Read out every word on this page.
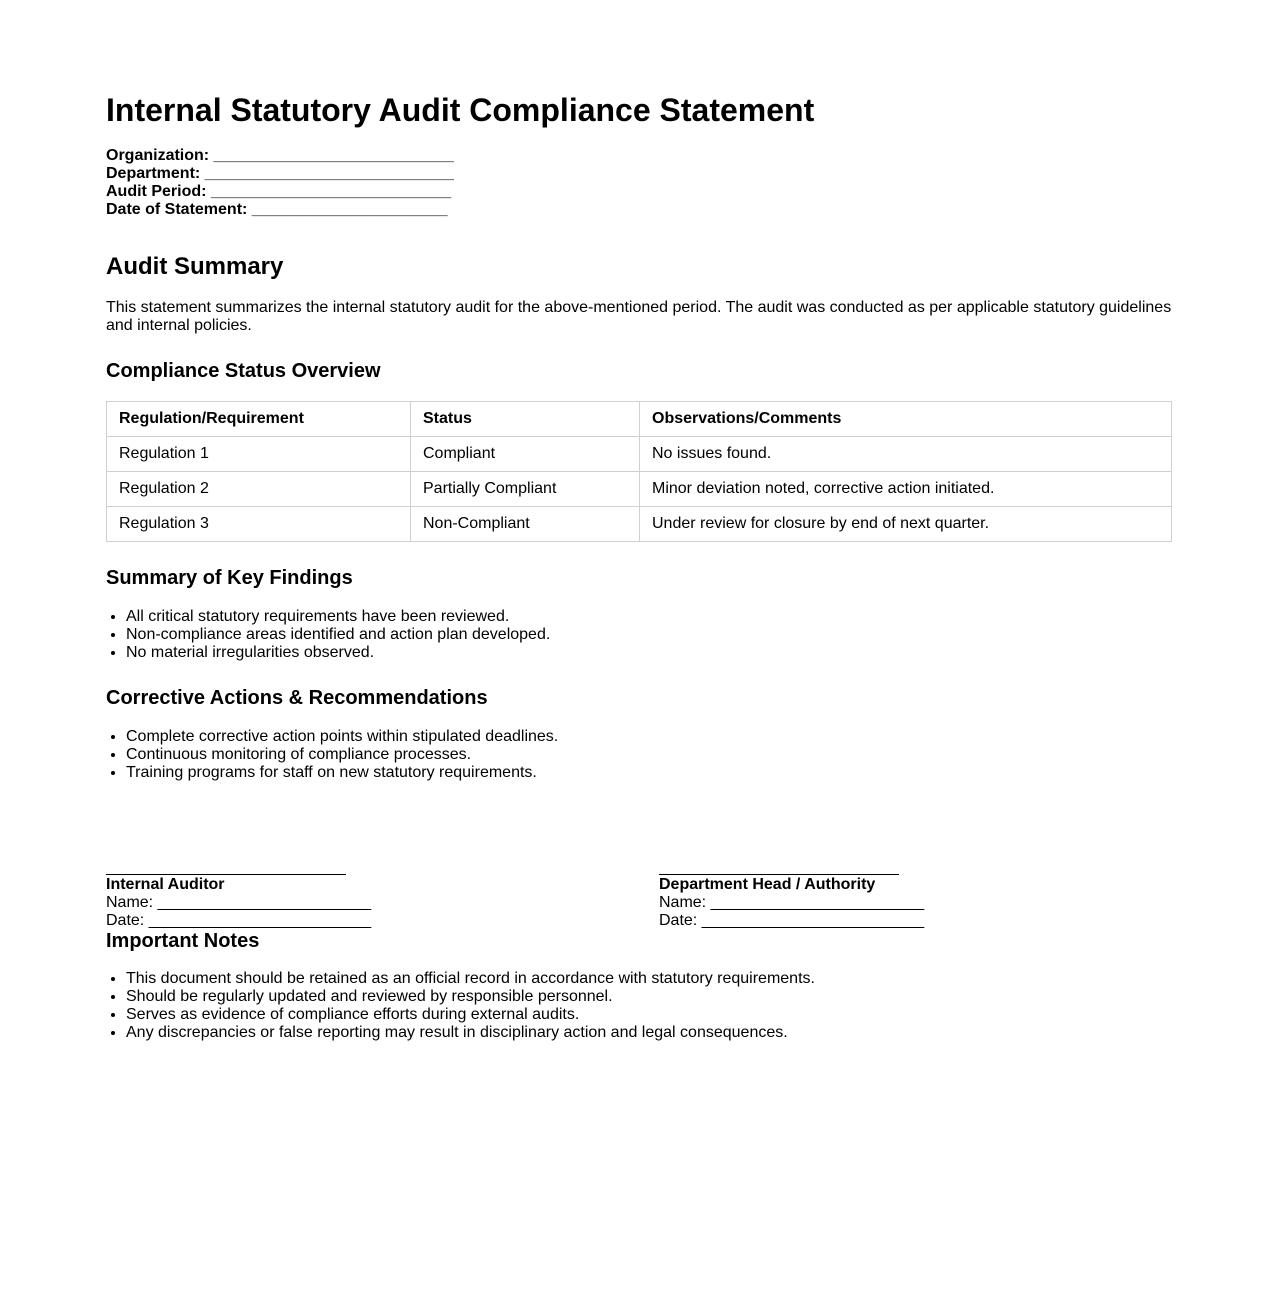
Internal Statutory Audit Compliance Statement
Organization: ___________________________
Department: ____________________________
Audit Period: ___________________________
Date of Statement: ______________________
Audit Summary

This statement summarizes the internal statutory audit for the above-mentioned period. The audit was conducted as per applicable statutory guidelines and internal policies.

Compliance Status Overview
Regulation/Requirement	Status	Observations/Comments
Regulation 1	Compliant	No issues found.
Regulation 2	Partially Compliant	Minor deviation noted, corrective action initiated.
Regulation 3	Non-Compliant	Under review for closure by end of next quarter.
Summary of Key Findings
• All critical statutory requirements have been reviewed.
• Non-compliance areas identified and action plan developed.
• No material irregularities observed.
Corrective Actions & Recommendations
• Complete corrective action points within stipulated deadlines.
• Continuous monitoring of compliance processes.
• Training programs for staff on new statutory requirements.
Internal Auditor
Name: ________________________
Date: _________________________
Department Head / Authority
Name: ________________________
Date: _________________________
Important Notes
• This document should be retained as an official record in accordance with statutory requirements.
• Should be regularly updated and reviewed by responsible personnel.
• Serves as evidence of compliance efforts during external audits.
• Any discrepancies or false reporting may result in disciplinary action and legal consequences.
